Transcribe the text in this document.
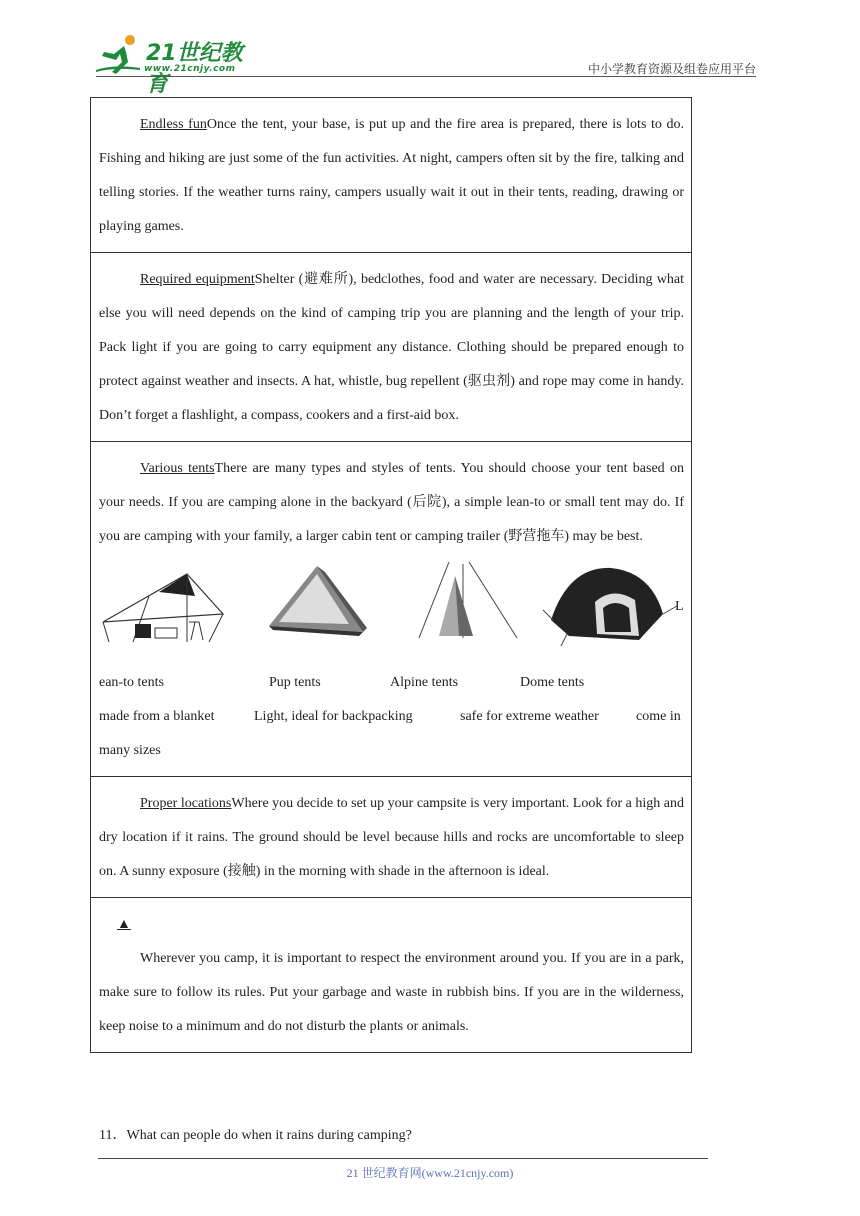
21世纪教育
www.21cnjy.com	中小学教育资源及组卷应用平台
Endless funOnce the tent, your base, is put up and the fire area is prepared, there is lots to do. Fishing and hiking are just some of the fun activities. At night, campers often sit by the fire, talking and telling stories. If the weather turns rainy, campers usually wait it out in their tents, reading, drawing or playing games.
Required equipmentShelter (避难所), bedclothes, food and water are necessary. Deciding what else you will need depends on the kind of camping trip you are planning and the length of your trip. Pack light if you are going to carry equipment any distance. Clothing should be prepared enough to protect against weather and insects. A hat, whistle, bug repellent (驱虫剂) and rope may come in handy. Don’t forget a flashlight, a compass, cookers and a first-aid box.
Various tentsThere are many types and styles of tents. You should choose your tent based on your needs. If you are camping alone in the backyard (后院), a simple lean-to or small tent may do. If you are camping with your family, a larger cabin tent or camping trailer (野营拖车) may be best.
L
ean-to tents	Pup tents	Alpine tents	Dome tents
made from a blanket	Light, ideal for backpacking	safe for extreme weather	come in
many sizes
Proper locationsWhere you decide to set up your campsite is very important. Look for a high and dry location if it rains. The ground should be level because hills and rocks are uncomfortable to sleep on. A sunny exposure (接触) in the morning with shade in the afternoon is ideal.
▲
Wherever you camp, it is important to respect the environment around you. If you are in a park, make sure to follow its rules. Put your garbage and waste in rubbish bins. If you are in the wilderness, keep noise to a minimum and do not disturb the plants or animals.
11．What can people do when it rains during camping?
21 世纪教育网(www.21cnjy.com)
